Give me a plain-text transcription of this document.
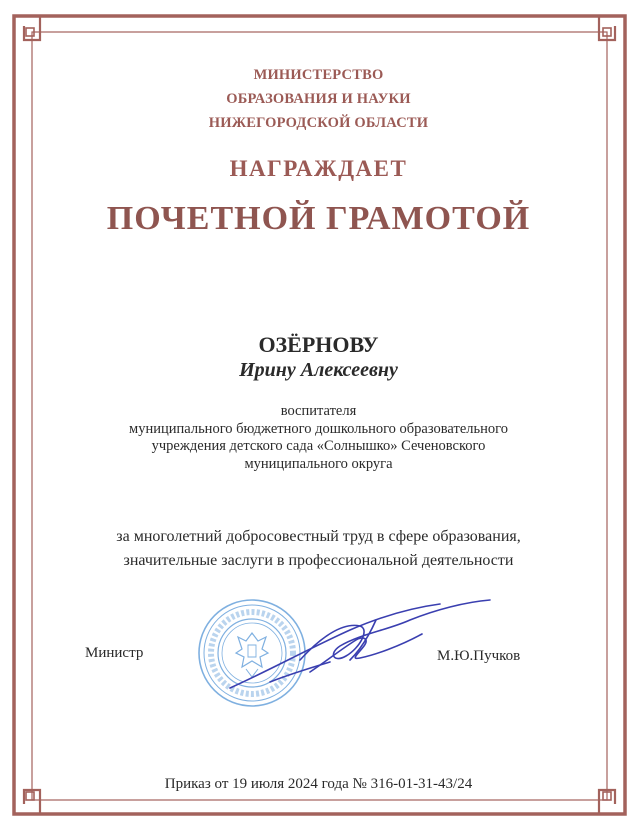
МИНИСТЕРСТВО
ОБРАЗОВАНИЯ И НАУКИ
НИЖЕГОРОДСКОЙ ОБЛАСТИ
НАГРАЖДАЕТ
ПОЧЕТНОЙ ГРАМОТОЙ
ОЗЁРНОВУ
Ирину Алексеевну
воспитателя
муниципального бюджетного дошкольного образовательного
учреждения детского сада «Солнышко» Сеченовского
муниципального округа
за многолетний добросовестный труд в сфере образования,
значительные заслуги в профессиональной деятельности
Министр	М.Ю.Пучков
Приказ от 19 июля 2024 года № 316-01-31-43/24
